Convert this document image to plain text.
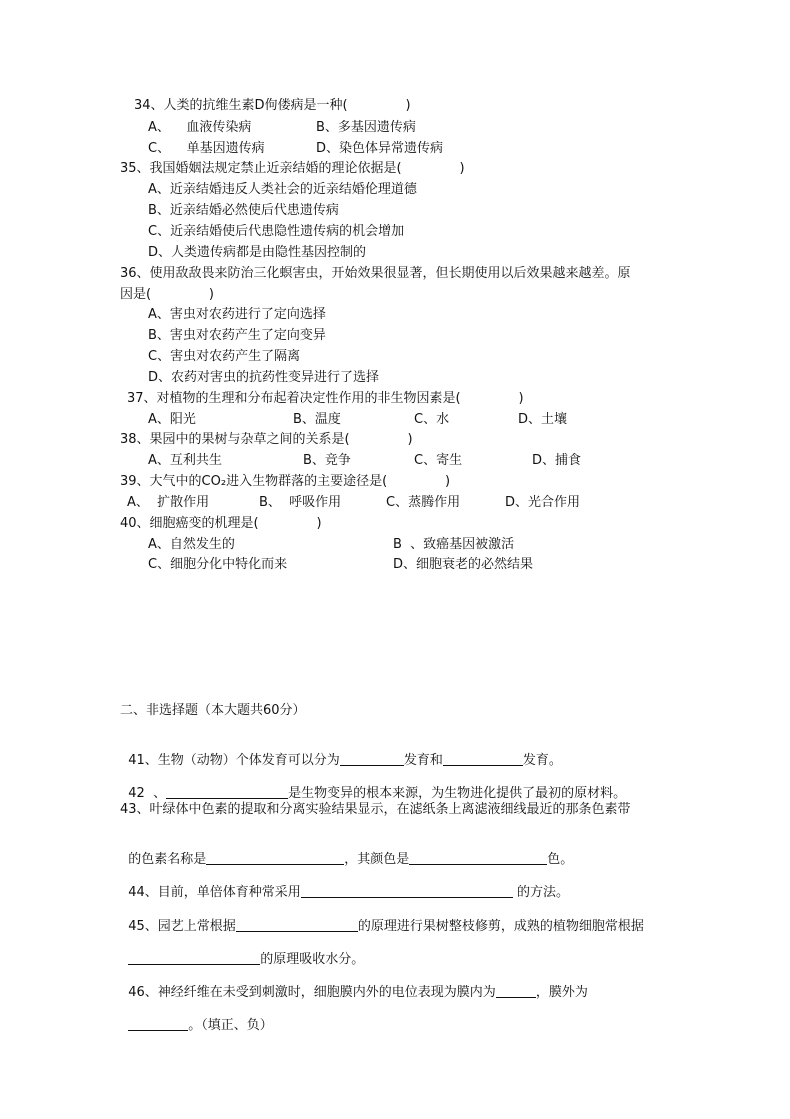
34、人类的抗维生素D佝偻病是一种(              )
A、    血液传染病	B、多基因遗传病
C、    单基因遗传病	D、染色体异常遗传病
35、我国婚姻法规定禁止近亲结婚的理论依据是(              )
A、近亲结婚违反人类社会的近亲结婚伦理道德
B、近亲结婚必然使后代患遗传病
C、近亲结婚使后代患隐性遗传病的机会增加
D、人类遗传病都是由隐性基因控制的
36、使用敌敌畏来防治三化螟害虫，开始效果很显著，但长期使用以后效果越来越差。原
因是(              )
A、害虫对农药进行了定向选择
B、害虫对农药产生了定向变异
C、害虫对农药产生了隔离
D、农药对害虫的抗药性变异进行了选择
37、对植物的生理和分布起着决定性作用的非生物因素是(              )
A、阳光	B、温度	C、水	D、土壤
38、果园中的果树与杂草之间的关系是(              )
A、互利共生	B、竞争	C、寄生	D、捕食
39、大气中的CO₂进入生物群落的主要途径是(              )
A、  扩散作用	B、  呼吸作用	C、蒸腾作用	D、光合作用
40、细胞癌变的机理是(              )
A、自然发生的	B  、致癌基因被激活
C、细胞分化中特化而来	D、细胞衰老的必然结果
二、非选择题（本大题共60分）

41、生物（动物）个体发育可以分为	发育和	发育。

42  、	是生物变异的根本来源，为生物进化提供了最初的原材料。

43、叶绿体中色素的提取和分离实验结果显示，在滤纸条上离滤液细线最近的那条色素带

的色素名称是	，其颜色是	色。

44、目前，单倍体育种常采用	的方法。

45、园艺上常根据	的原理进行果树整枝修剪，成熟的植物细胞常根据

的原理吸收水分。

46、神经纤维在未受到刺激时，细胞膜内外的电位表现为膜内为	，膜外为

。（填正、负）
